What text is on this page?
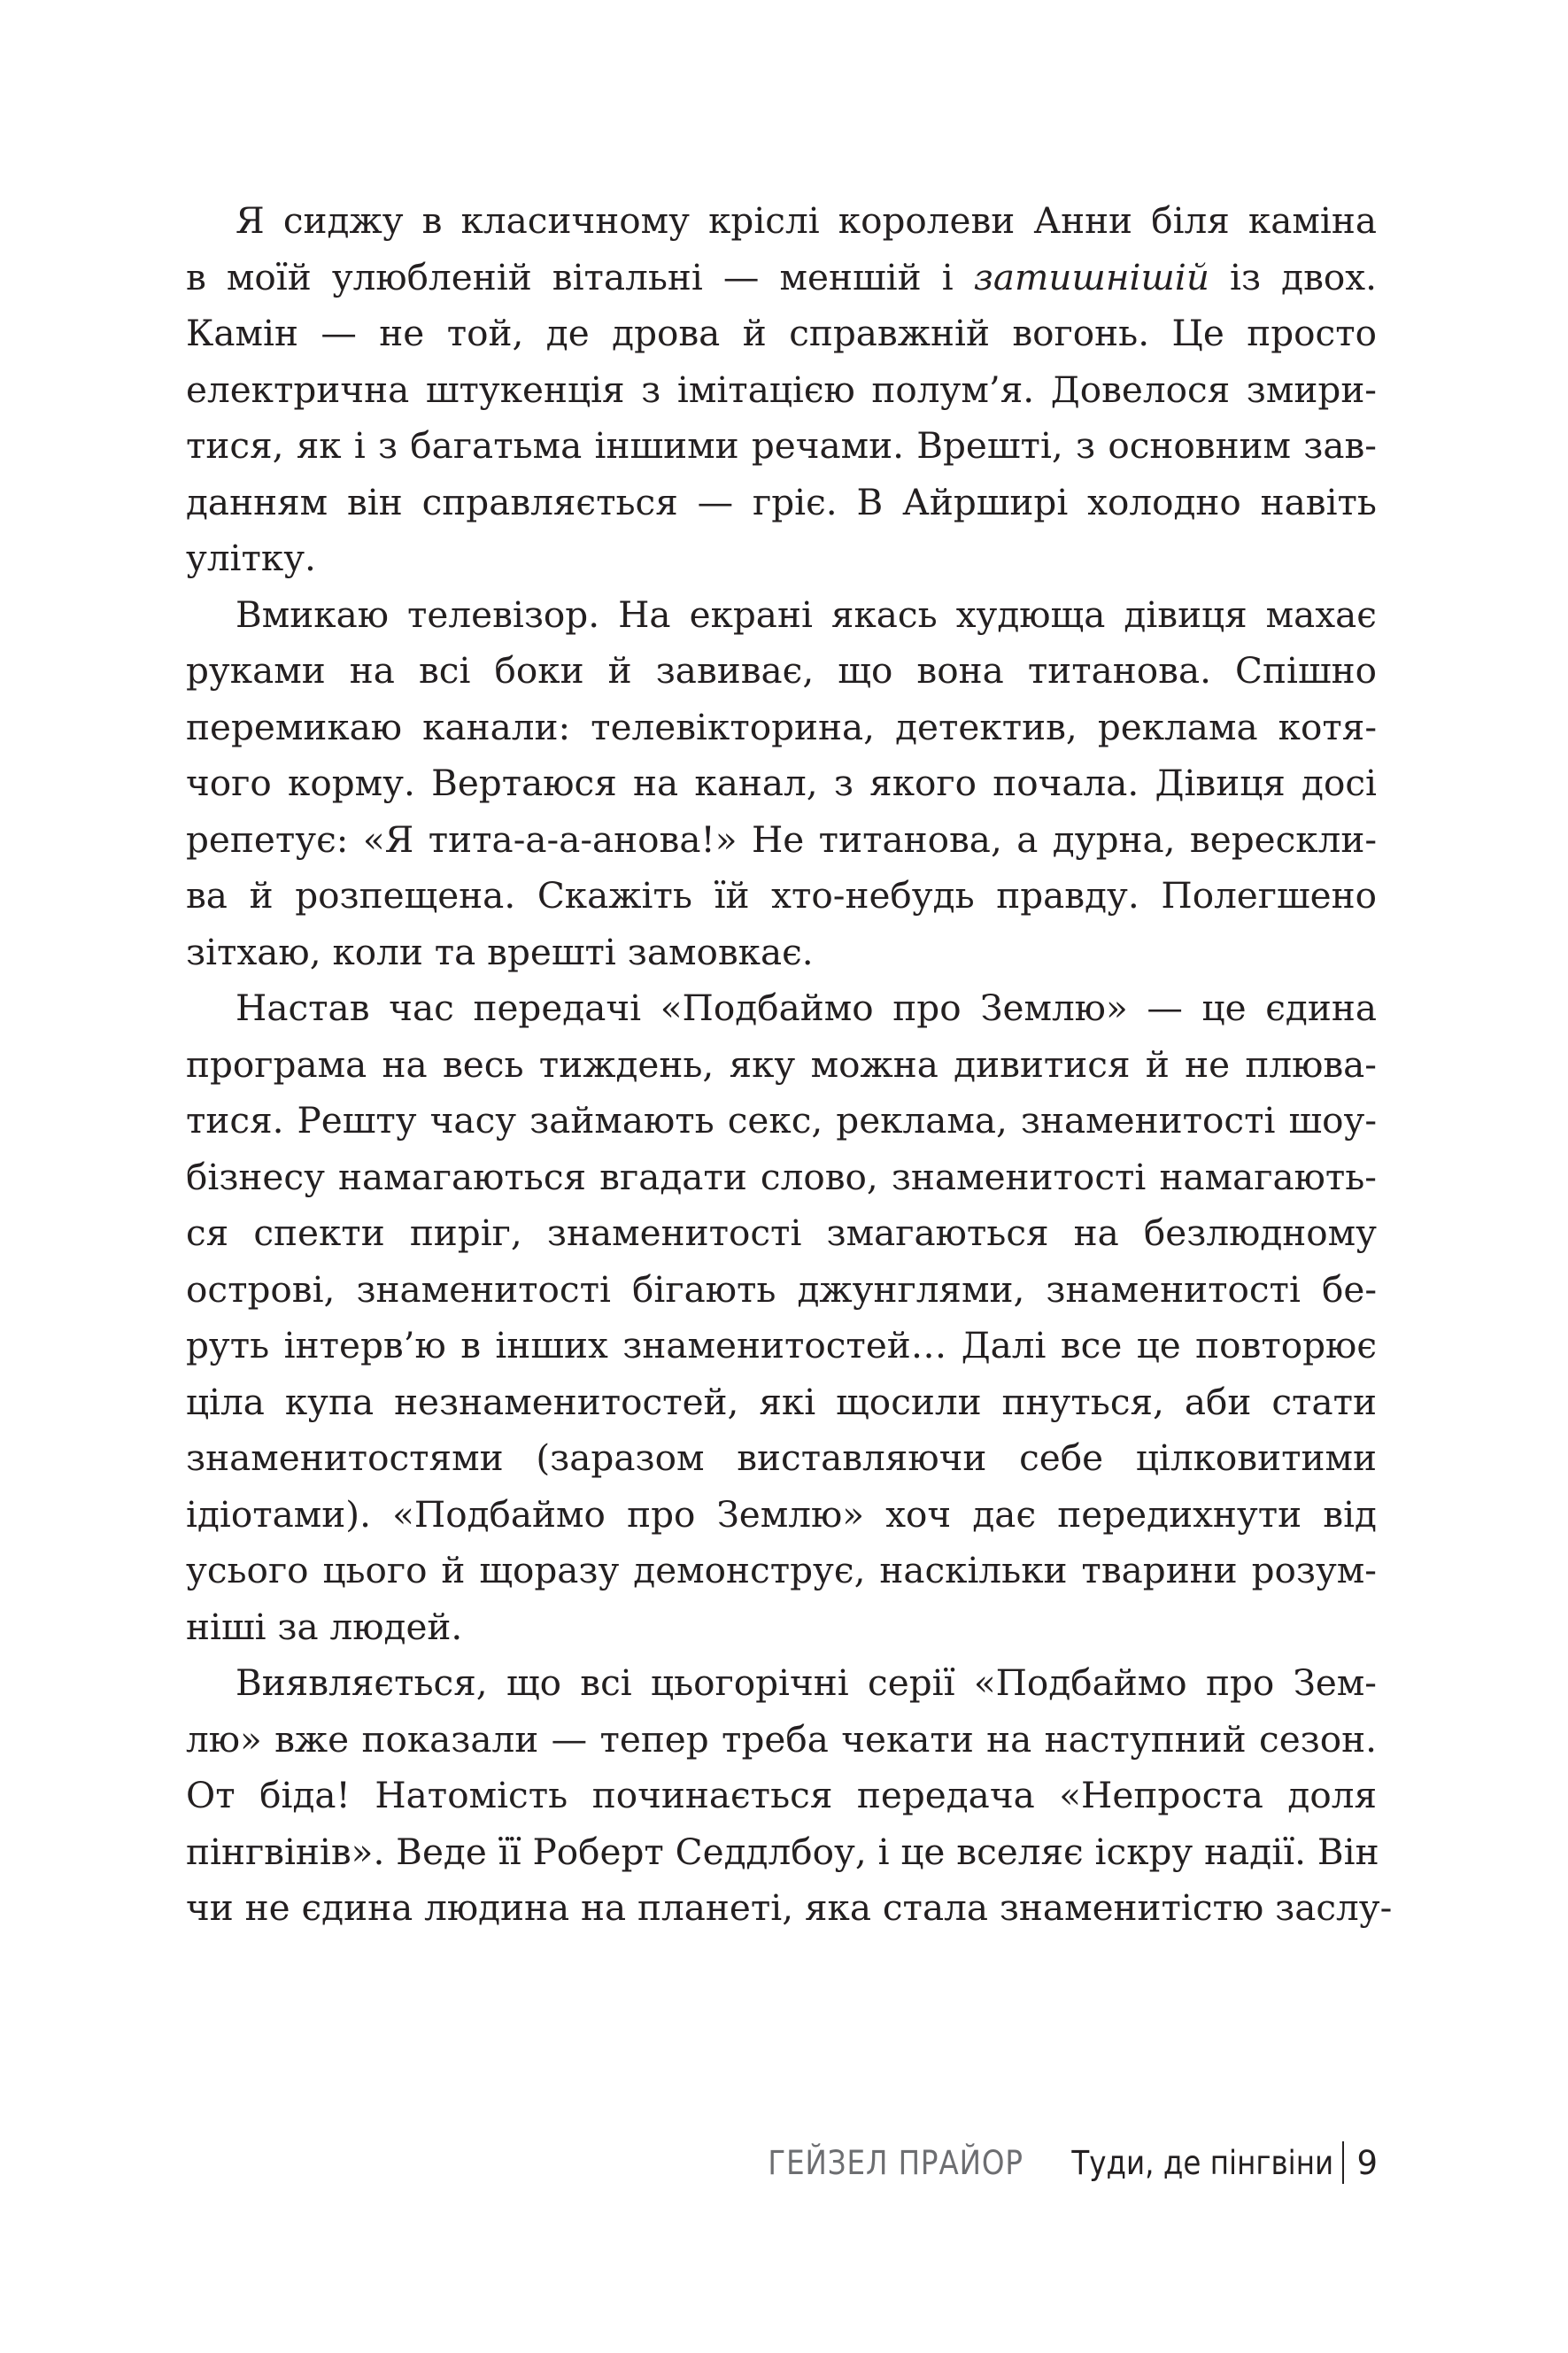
Я сиджу в класичному кріслі королеви Анни біля каміна
в моїй улюбленій вітальні — меншій і затишнішій із двох.
Камін — не той, де дрова й справжній вогонь. Це просто
електрична штукенція з імітацією полум’я. Довелося змири-
тися, як і з багатьма іншими речами. Врешті, з основним зав-
данням він справляється — гріє. В Айрширі холодно навіть
улітку.
Вмикаю телевізор. На екрані якась худюща дівиця махає
руками на всі боки й завиває, що вона титанова. Спішно
перемикаю канали: телевікторина, детектив, реклама котя-
чого корму. Вертаюся на канал, з якого почала. Дівиця досі
репетує: «Я тита-а-а-анова!» Не титанова, а дурна, верескли-
ва й розпещена. Скажіть їй хто-небудь правду. Полегшено
зітхаю, коли та врешті замовкає.
Настав час передачі «Подбаймо про Землю» — це єдина
програма на весь тиждень, яку можна дивитися й не плюва-
тися. Решту часу займають секс, реклама, знаменитості шоу-
бізнесу намагаються вгадати слово, знаменитості намагають-
ся спекти пиріг, знаменитості змагаються на безлюдному
острові, знаменитості бігають джунглями, знаменитості бе-
руть інтерв’ю в інших знаменитостей… Далі все це повторює
ціла купа незнаменитостей, які щосили пнуться, аби стати
знаменитостями (заразом виставляючи себе цілковитими
ідіотами). «Подбаймо про Землю» хоч дає передихнути від
усього цього й щоразу демонструє, наскільки тварини розум-
ніші за людей.
Виявляється, що всі цьогорічні серії «Подбаймо про Зем-
лю» вже показали — тепер треба чекати на наступний сезон.
От біда! Натомість починається передача «Непроста доля
пінгвінів». Веде її Роберт Седдлбоу, і це вселяє іскру надії. Він
чи не єдина людина на планеті, яка стала знаменитістю заслу-
ГЕЙЗЕЛ ПРАЙОР Туди, де пінгвіни 9
